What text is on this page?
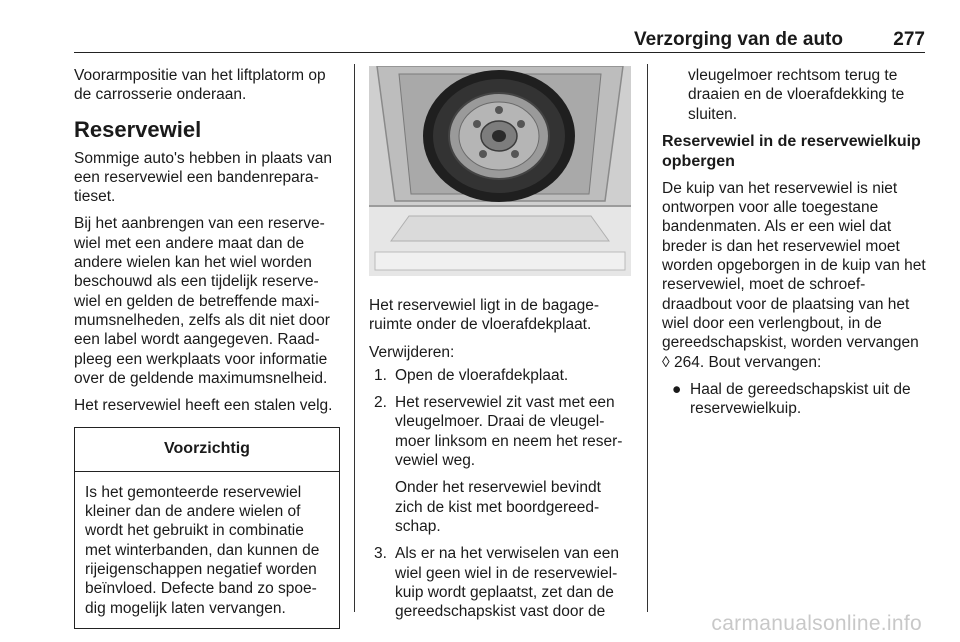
Verzorging van de auto	277

Voorarmpositie van het liftplatorm op de carrosserie onderaan.

Reservewiel

Sommige auto's hebben in plaats van een reservewiel een bandenreparatieset.

Bij het aanbrengen van een reservewiel met een andere maat dan de andere wielen kan het wiel worden beschouwd als een tijdelijk reservewiel en gelden de betreffende maximumsnelheden, zelfs als dit niet door een label wordt aangegeven. Raadpleeg een werkplaats voor informatie over de geldende maximumsnelheid.

Het reservewiel heeft een stalen velg.

Voorzichtig
Is het gemonteerde reservewiel kleiner dan de andere wielen of wordt het gebruikt in combinatie met winterbanden, dan kunnen de rijeigenschappen negatief worden beïnvloed. Defecte band zo spoedig mogelijk laten vervangen.

Het reservewiel ligt in de bagageruimte onder de vloerafdekplaat.

Verwijderen:

1. Open de vloerafdekplaat.
2. Het reservewiel zit vast met een vleugelmoer. Draai de vleugelmoer linksom en neem het reservewiel weg.
Onder het reservewiel bevindt zich de kist met boordgereedschap.
3. Als er na het verwiselen van een wiel geen wiel in de reservewielkuip wordt geplaatst, zet dan de gereedschapskist vast door de

vleugelmoer rechtsom terug te draaien en de vloerafdekking te sluiten.

Reservewiel in de reservewielkuip opbergen

De kuip van het reservewiel is niet ontworpen voor alle toegestane bandenmaten. Als er een wiel dat breder is dan het reservewiel moet worden opgeborgen in de kuip van het reservewiel, moet de schroefdraadbout voor de plaatsing van het wiel door een verlengbout, in de gereedschapskist, worden vervangen ◊ 264. Bout vervangen:

● Haal de gereedschapskist uit de reservewielkuip.
carmanualsonline.info
